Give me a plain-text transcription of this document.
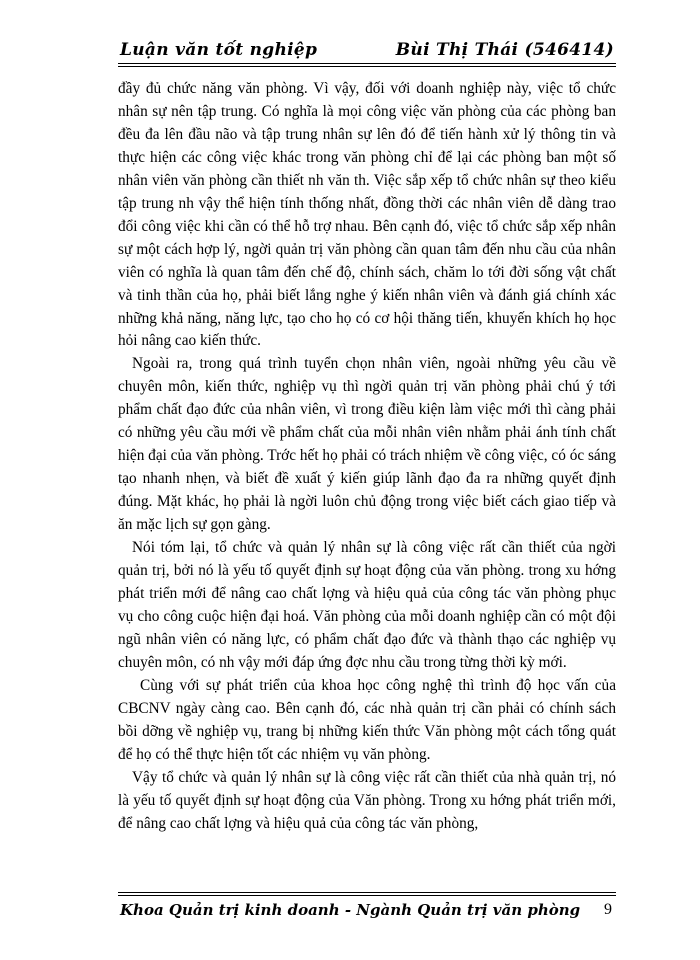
Luận văn tốt nghiệp	Bùi Thị Thái (546414)

đầy đủ chức năng văn phòng. Vì vậy, đối với doanh nghiệp này, việc tổ chức nhân sự nên tập trung. Có nghĩa là mọi công việc văn phòng của các phòng ban đều đa lên đầu não và tập trung nhân sự lên đó để tiến hành xử lý thông tin và thực hiện các công việc khác trong văn phòng chỉ để lại các phòng ban một số nhân viên văn phòng cần thiết nh văn th. Việc sắp xếp tổ chức nhân sự theo kiểu tập trung nh vậy thể hiện tính thống nhất, đồng thời các nhân viên dễ dàng trao đổi công việc khi cần có thể hỗ trợ nhau. Bên cạnh đó, việc tổ chức sắp xếp nhân sự một cách hợp lý, ngời quản trị văn phòng cần quan tâm đến nhu cầu của nhân viên có nghĩa là quan tâm đến chế độ, chính sách, chăm lo tới đời sống vật chất và tinh thần của họ, phải biết lắng nghe ý kiến nhân viên và đánh giá chính xác những khả năng, năng lực, tạo cho họ có cơ hội thăng tiến, khuyến khích họ học hỏi nâng cao kiến thức.

Ngoài ra, trong quá trình tuyển chọn nhân viên, ngoài những yêu cầu về chuyên môn, kiến thức, nghiệp vụ thì ngời quản trị văn phòng phải chú ý tới phẩm chất đạo đức của nhân viên, vì trong điều kiện làm việc mới thì càng phải có những yêu cầu mới về phẩm chất của mỗi nhân viên nhằm phải ánh tính chất hiện đại của văn phòng. Trớc hết họ phải có trách nhiệm về công việc, có óc sáng tạo nhanh nhẹn, và biết đề xuất ý kiến giúp lãnh đạo đa ra những quyết định đúng. Mặt khác, họ phải là ngời luôn chủ động trong việc biết cách giao tiếp và ăn mặc lịch sự gọn gàng.

Nói tóm lại, tổ chức và quản lý nhân sự là công việc rất cần thiết của ngời quản trị, bởi nó là yếu tố quyết định sự hoạt động của văn phòng. trong xu hớng phát triển mới để nâng cao chất lợng và hiệu quả của công tác văn phòng phục vụ cho công cuộc hiện đại hoá. Văn phòng của mỗi doanh nghiệp cần có một đội ngũ nhân viên có năng lực, có phẩm chất đạo đức và thành thạo các nghiệp vụ chuyên môn, có nh vậy mới đáp ứng đợc nhu cầu trong từng thời kỳ mới.

Cùng với sự phát triển của khoa học công nghệ thì trình độ học vấn của CBCNV ngày càng cao. Bên cạnh đó, các nhà quản trị cần phải có chính sách bồi dỡng về nghiệp vụ, trang bị những kiến thức Văn phòng một cách tổng quát để họ có thể thực hiện tốt các nhiệm vụ văn phòng.

Vậy tổ chức và quản lý nhân sự là công việc rất cần thiết của nhà quản trị, nó là yếu tố quyết định sự hoạt động của Văn phòng. Trong xu hớng phát triển mới, để nâng cao chất lợng và hiệu quả của công tác văn phòng,

Khoa Quản trị kinh doanh - Ngành Quản trị văn phòng 9
